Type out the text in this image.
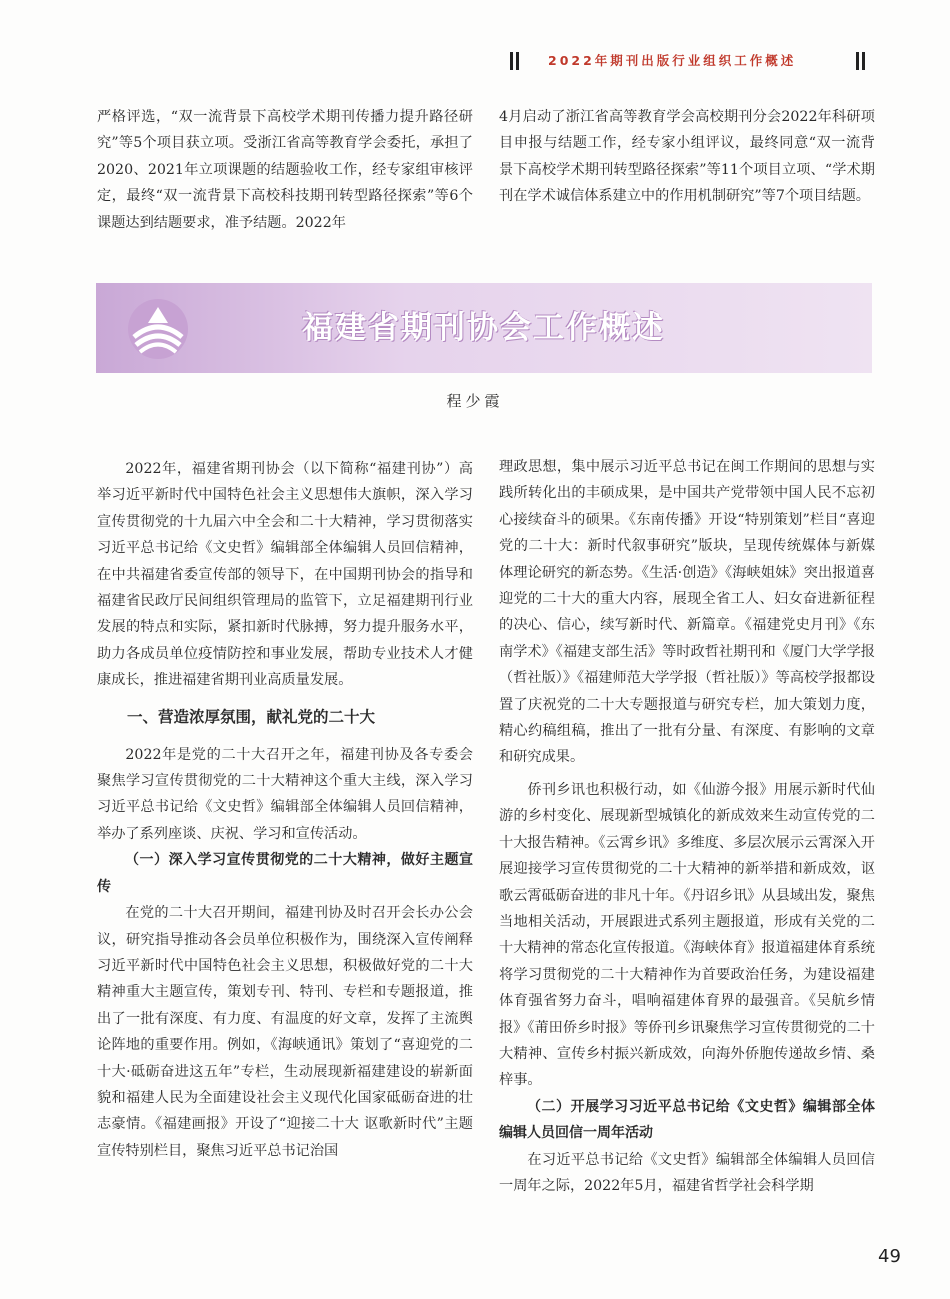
2022年期刊出版行业组织工作概述

严格评选，“双一流背景下高校学术期刊传播力提升路径研究”等5个项目获立项。受浙江省高等教育学会委托，承担了2020、2021年立项课题的结题验收工作，经专家组审核评定，最终“双一流背景下高校科技期刊转型路径探索”等6个课题达到结题要求，准予结题。2022年

4月启动了浙江省高等教育学会高校期刊分会2022年科研项目申报与结题工作，经专家小组评议，最终同意“双一流背景下高校学术期刊转型路径探索”等11个项目立项、“学术期刊在学术诚信体系建立中的作用机制研究”等7个项目结题。

福建省期刊协会工作概述
程少霞

2022年，福建省期刊协会（以下简称“福建刊协”）高举习近平新时代中国特色社会主义思想伟大旗帜，深入学习宣传贯彻党的十九届六中全会和二十大精神，学习贯彻落实习近平总书记给《文史哲》编辑部全体编辑人员回信精神，在中共福建省委宣传部的领导下，在中国期刊协会的指导和福建省民政厅民间组织管理局的监管下，立足福建期刊行业发展的特点和实际，紧扣新时代脉搏，努力提升服务水平，助力各成员单位疫情防控和事业发展，帮助专业技术人才健康成长，推进福建省期刊业高质量发展。

一、营造浓厚氛围，献礼党的二十大

2022年是党的二十大召开之年，福建刊协及各专委会聚焦学习宣传贯彻党的二十大精神这个重大主线，深入学习习近平总书记给《文史哲》编辑部全体编辑人员回信精神，举办了系列座谈、庆祝、学习和宣传活动。

（一）深入学习宣传贯彻党的二十大精神，做好主题宣传

在党的二十大召开期间，福建刊协及时召开会长办公会议，研究指导推动各会员单位积极作为，围绕深入宣传阐释习近平新时代中国特色社会主义思想，积极做好党的二十大精神重大主题宣传，策划专刊、特刊、专栏和专题报道，推出了一批有深度、有力度、有温度的好文章，发挥了主流舆论阵地的重要作用。例如，《海峡通讯》策划了“喜迎党的二十大·砥砺奋进这五年”专栏，生动展现新福建建设的崭新面貌和福建人民为全面建设社会主义现代化国家砥砺奋进的壮志豪情。《福建画报》开设了“迎接二十大 讴歌新时代”主题宣传特别栏目，聚焦习近平总书记治国

理政思想，集中展示习近平总书记在闽工作期间的思想与实践所转化出的丰硕成果，是中国共产党带领中国人民不忘初心接续奋斗的硕果。《东南传播》开设“特别策划”栏目“喜迎党的二十大：新时代叙事研究”版块，呈现传统媒体与新媒体理论研究的新态势。《生活·创造》《海峡姐妹》突出报道喜迎党的二十大的重大内容，展现全省工人、妇女奋进新征程的决心、信心，续写新时代、新篇章。《福建党史月刊》《东南学术》《福建支部生活》等时政哲社期刊和《厦门大学学报（哲社版）》《福建师范大学学报（哲社版）》等高校学报都设置了庆祝党的二十大专题报道与研究专栏，加大策划力度，精心约稿组稿，推出了一批有分量、有深度、有影响的文章和研究成果。

侨刊乡讯也积极行动，如《仙游今报》用展示新时代仙游的乡村变化、展现新型城镇化的新成效来生动宣传党的二十大报告精神。《云霄乡讯》多维度、多层次展示云霄深入开展迎接学习宣传贯彻党的二十大精神的新举措和新成效，讴歌云霄砥砺奋进的非凡十年。《丹诏乡讯》从县域出发，聚焦当地相关活动，开展跟进式系列主题报道，形成有关党的二十大精神的常态化宣传报道。《海峡体育》报道福建体育系统将学习贯彻党的二十大精神作为首要政治任务，为建设福建体育强省努力奋斗，唱响福建体育界的最强音。《吴航乡情报》《莆田侨乡时报》等侨刊乡讯聚焦学习宣传贯彻党的二十大精神、宣传乡村振兴新成效，向海外侨胞传递故乡情、桑梓事。

（二）开展学习习近平总书记给《文史哲》编辑部全体编辑人员回信一周年活动

在习近平总书记给《文史哲》编辑部全体编辑人员回信一周年之际，2022年5月，福建省哲学社会科学期

49
